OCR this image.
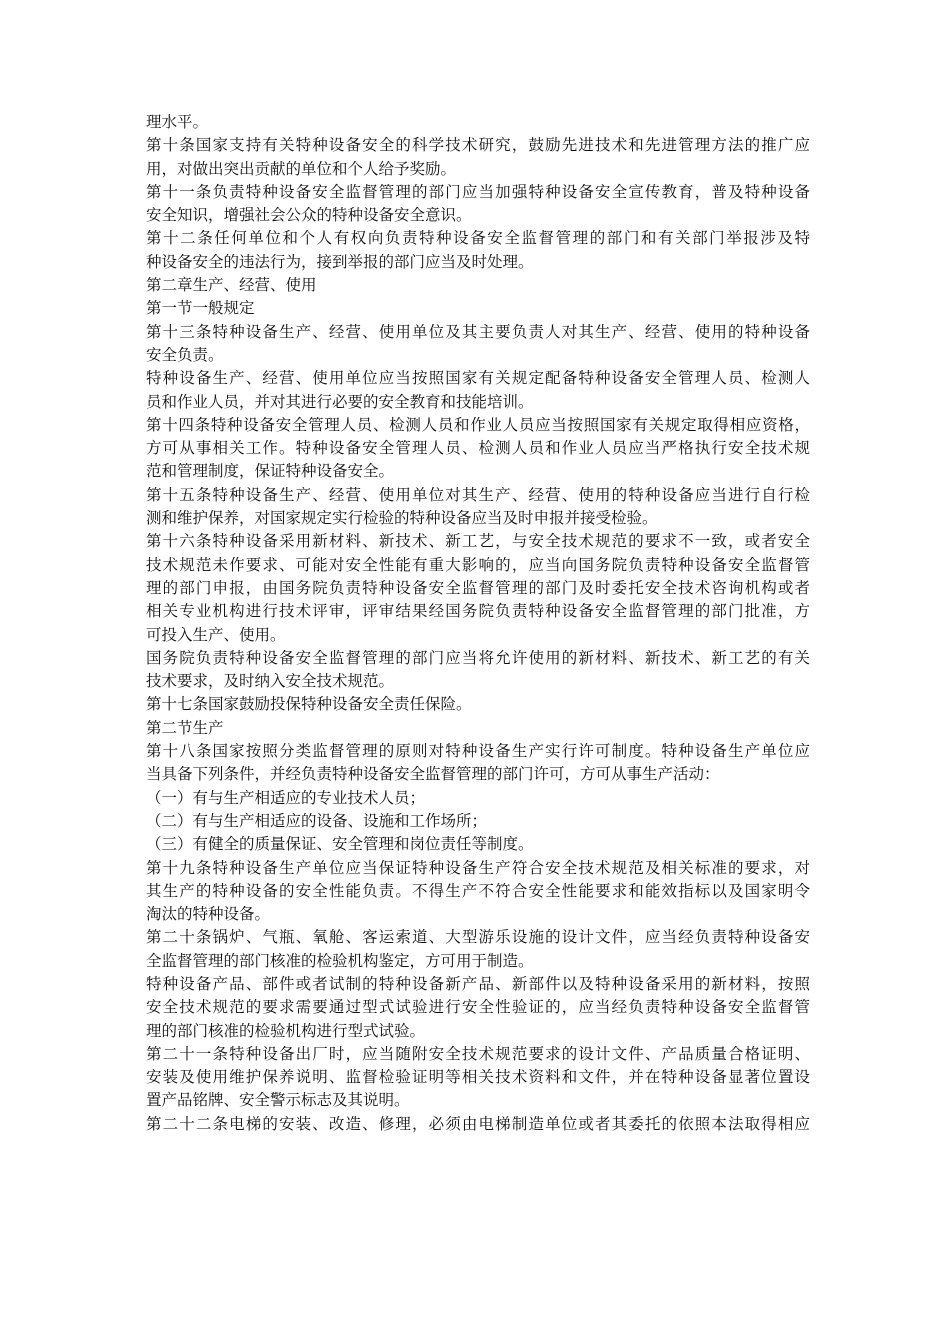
理水平。
第十条国家支持有关特种设备安全的科学技术研究，鼓励先进技术和先进管理方法的推广应
用，对做出突出贡献的单位和个人给予奖励。
第十一条负责特种设备安全监督管理的部门应当加强特种设备安全宣传教育，普及特种设备
安全知识，增强社会公众的特种设备安全意识。
第十二条任何单位和个人有权向负责特种设备安全监督管理的部门和有关部门举报涉及特
种设备安全的违法行为，接到举报的部门应当及时处理。
第二章生产、经营、使用
第一节一般规定
第十三条特种设备生产、经营、使用单位及其主要负责人对其生产、经营、使用的特种设备
安全负责。
特种设备生产、经营、使用单位应当按照国家有关规定配备特种设备安全管理人员、检测人
员和作业人员，并对其进行必要的安全教育和技能培训。
第十四条特种设备安全管理人员、检测人员和作业人员应当按照国家有关规定取得相应资格，
方可从事相关工作。特种设备安全管理人员、检测人员和作业人员应当严格执行安全技术规
范和管理制度，保证特种设备安全。
第十五条特种设备生产、经营、使用单位对其生产、经营、使用的特种设备应当进行自行检
测和维护保养，对国家规定实行检验的特种设备应当及时申报并接受检验。
第十六条特种设备采用新材料、新技术、新工艺，与安全技术规范的要求不一致，或者安全
技术规范未作要求、可能对安全性能有重大影响的，应当向国务院负责特种设备安全监督管
理的部门申报，由国务院负责特种设备安全监督管理的部门及时委托安全技术咨询机构或者
相关专业机构进行技术评审，评审结果经国务院负责特种设备安全监督管理的部门批准，方
可投入生产、使用。
国务院负责特种设备安全监督管理的部门应当将允许使用的新材料、新技术、新工艺的有关
技术要求，及时纳入安全技术规范。
第十七条国家鼓励投保特种设备安全责任保险。
第二节生产
第十八条国家按照分类监督管理的原则对特种设备生产实行许可制度。特种设备生产单位应
当具备下列条件，并经负责特种设备安全监督管理的部门许可，方可从事生产活动：
（一）有与生产相适应的专业技术人员；
（二）有与生产相适应的设备、设施和工作场所；
（三）有健全的质量保证、安全管理和岗位责任等制度。
第十九条特种设备生产单位应当保证特种设备生产符合安全技术规范及相关标准的要求，对
其生产的特种设备的安全性能负责。不得生产不符合安全性能要求和能效指标以及国家明令
淘汰的特种设备。
第二十条锅炉、气瓶、氧舱、客运索道、大型游乐设施的设计文件，应当经负责特种设备安
全监督管理的部门核准的检验机构鉴定，方可用于制造。
特种设备产品、部件或者试制的特种设备新产品、新部件以及特种设备采用的新材料，按照
安全技术规范的要求需要通过型式试验进行安全性验证的，应当经负责特种设备安全监督管
理的部门核准的检验机构进行型式试验。
第二十一条特种设备出厂时，应当随附安全技术规范要求的设计文件、产品质量合格证明、
安装及使用维护保养说明、监督检验证明等相关技术资料和文件，并在特种设备显著位置设
置产品铭牌、安全警示标志及其说明。
第二十二条电梯的安装、改造、修理，必须由电梯制造单位或者其委托的依照本法取得相应
